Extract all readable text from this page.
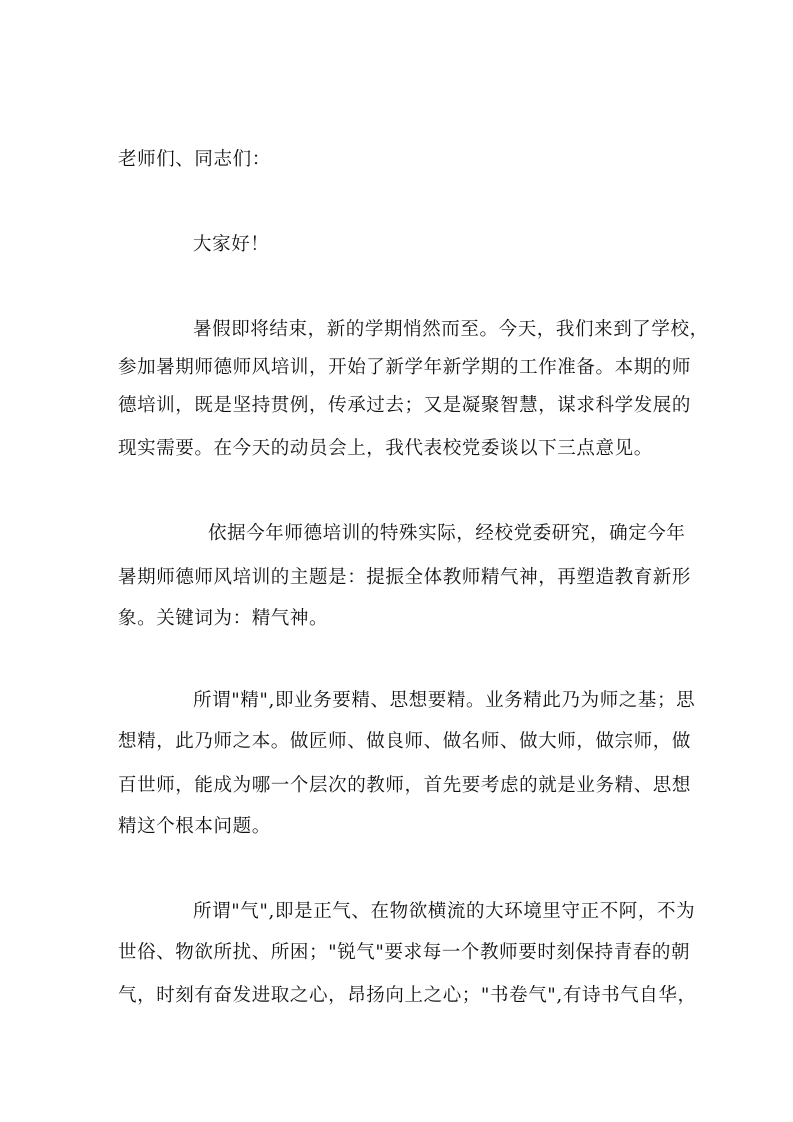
老师们、同志们：
大家好！
暑假即将结束，新的学期悄然而至。今天，我们来到了学校，
参加暑期师德师风培训，开始了新学年新学期的工作准备。本期的师
德培训，既是坚持贯例，传承过去；又是凝聚智慧，谋求科学发展的
现实需要。在今天的动员会上，我代表校党委谈以下三点意见。
依据今年师德培训的特殊实际，经校党委研究，确定今年
暑期师德师风培训的主题是：提振全体教师精气神，再塑造教育新形
象。关键词为：精气神。
所谓"精",即业务要精、思想要精。业务精此乃为师之基；思
想精，此乃师之本。做匠师、做良师、做名师、做大师，做宗师，做
百世师，能成为哪一个层次的教师，首先要考虑的就是业务精、思想
精这个根本问题。
所谓"气",即是正气、在物欲横流的大环境里守正不阿，不为
世俗、物欲所扰、所困；"锐气"要求每一个教师要时刻保持青春的朝
气，时刻有奋发进取之心，昂扬向上之心；"书卷气",有诗书气自华，
